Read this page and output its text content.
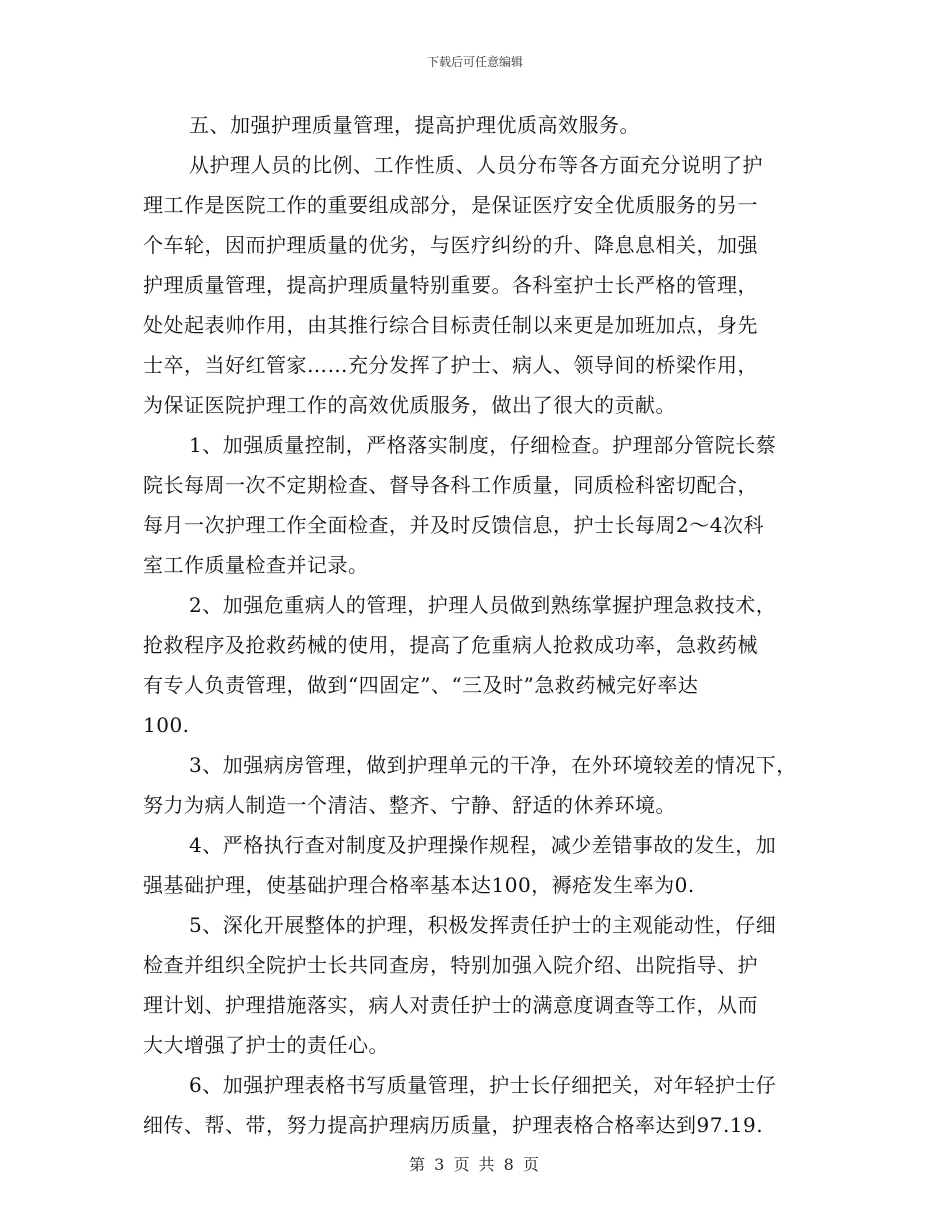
下载后可任意编辑
五、加强护理质量管理，提高护理优质高效服务。
从护理人员的比例、工作性质、人员分布等各方面充分说明了护
理工作是医院工作的重要组成部分，是保证医疗安全优质服务的另一
个车轮，因而护理质量的优劣，与医疗纠纷的升、降息息相关，加强
护理质量管理，提高护理质量特别重要。各科室护士长严格的管理，
处处起表帅作用，由其推行综合目标责任制以来更是加班加点，身先
士卒，当好红管家……充分发挥了护士、病人、领导间的桥梁作用，
为保证医院护理工作的高效优质服务，做出了很大的贡献。
1、加强质量控制，严格落实制度，仔细检查。护理部分管院长蔡
院长每周一次不定期检查、督导各科工作质量，同质检科密切配合，
每月一次护理工作全面检查，并及时反馈信息，护士长每周2～4次科
室工作质量检查并记录。
2、加强危重病人的管理，护理人员做到熟练掌握护理急救技术，
抢救程序及抢救药械的使用，提高了危重病人抢救成功率，急救药械
有专人负责管理，做到“四固定”、“三及时”急救药械完好率达
100.
3、加强病房管理，做到护理单元的干净，在外环境较差的情况下，
努力为病人制造一个清洁、整齐、宁静、舒适的休养环境。
4、严格执行查对制度及护理操作规程，减少差错事故的发生，加
强基础护理，使基础护理合格率基本达100，褥疮发生率为0.
5、深化开展整体的护理，积极发挥责任护士的主观能动性，仔细
检查并组织全院护士长共同查房，特别加强入院介绍、出院指导、护
理计划、护理措施落实，病人对责任护士的满意度调查等工作，从而
大大增强了护士的责任心。
6、加强护理表格书写质量管理，护士长仔细把关，对年轻护士仔
细传、帮、带，努力提高护理病历质量，护理表格合格率达到97.19.
第 3 页 共 8 页
